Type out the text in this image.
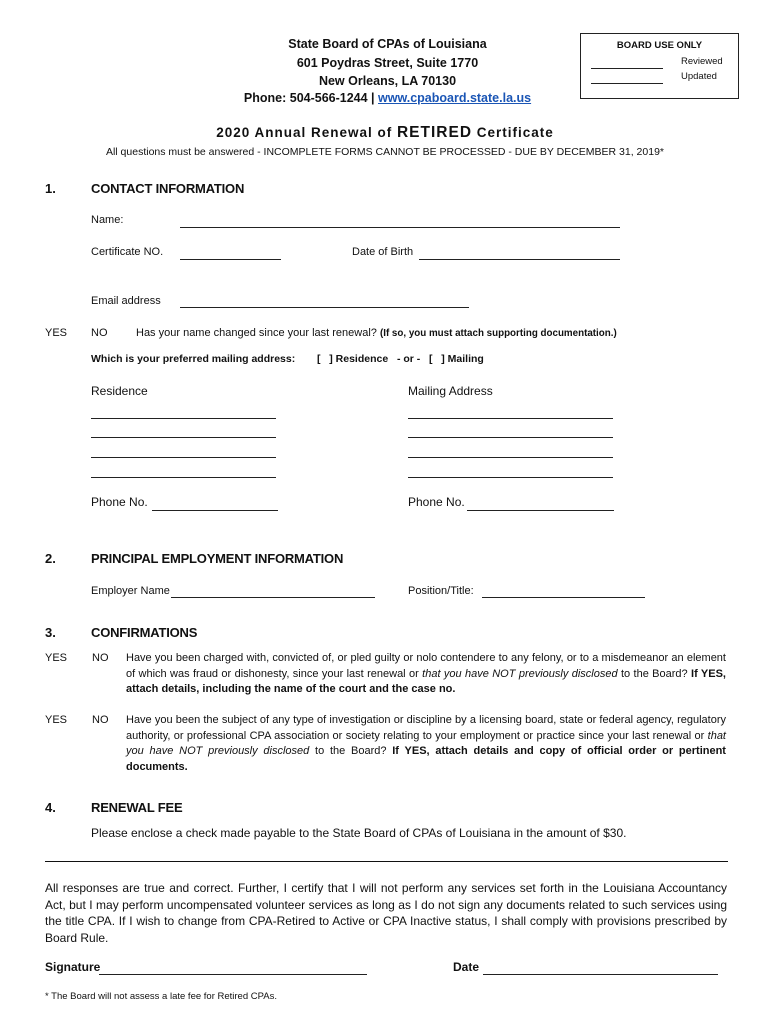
State Board of CPAs of Louisiana
601 Poydras Street, Suite 1770
New Orleans, LA 70130
Phone: 504-566-1244 | www.cpaboard.state.la.us
BOARD USE ONLY
Reviewed
Updated
2020 Annual Renewal of RETIRED Certificate
All questions must be answered - INCOMPLETE FORMS CANNOT BE PROCESSED - DUE BY DECEMBER 31, 2019*
1.	CONTACT INFORMATION
Name:
Certificate NO.	Date of Birth
Email address
YES NO	Has your name changed since your last renewal? (If so, you must attach supporting documentation.)
Which is your preferred mailing address: [   ] Residence   - or -   [   ] Mailing
Residence	Mailing Address
Phone No.	Phone No.
2.	PRINCIPAL EMPLOYMENT INFORMATION
Employer Name	Position/Title:
3.	CONFIRMATIONS
YES NO Have you been charged with, convicted of, or pled guilty or nolo contendere to any felony, or to a misdemeanor an element of which was fraud or dishonesty, since your last renewal or that you have NOT previously disclosed to the Board? If YES, attach details, including the name of the court and the case no.
YES NO Have you been the subject of any type of investigation or discipline by a licensing board, state or federal agency, regulatory authority, or professional CPA association or society relating to your employment or practice since your last renewal or that you have NOT previously disclosed to the Board? If YES, attach details and copy of official order or pertinent documents.
4.	RENEWAL FEE
Please enclose a check made payable to the State Board of CPAs of Louisiana in the amount of $30.
All responses are true and correct. Further, I certify that I will not perform any services set forth in the Louisiana Accountancy Act, but I may perform uncompensated volunteer services as long as I do not sign any documents related to such services using the title CPA. If I wish to change from CPA-Retired to Active or CPA Inactive status, I shall comply with provisions prescribed by Board Rule.
Signature	Date
* The Board will not assess a late fee for Retired CPAs.
